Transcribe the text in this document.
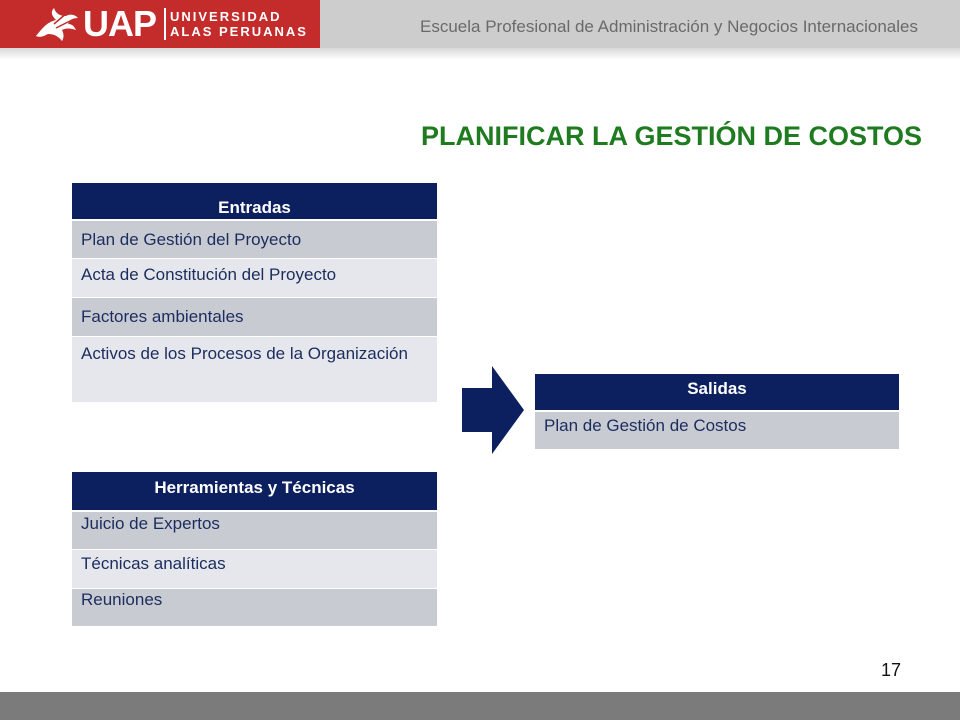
UAP UNIVERSIDAD
ALAS PERUANAS	Escuela Profesional de Administración y Negocios Internacionales
PLANIFICAR LA GESTIÓN DE COSTOS
Entradas
Plan de Gestión del Proyecto
Acta de Constitución del Proyecto
Factores ambientales
Activos de los Procesos de la Organización
Salidas
Plan de Gestión de Costos
Herramientas y Técnicas
Juicio de Expertos
Técnicas analíticas
Reuniones
17
